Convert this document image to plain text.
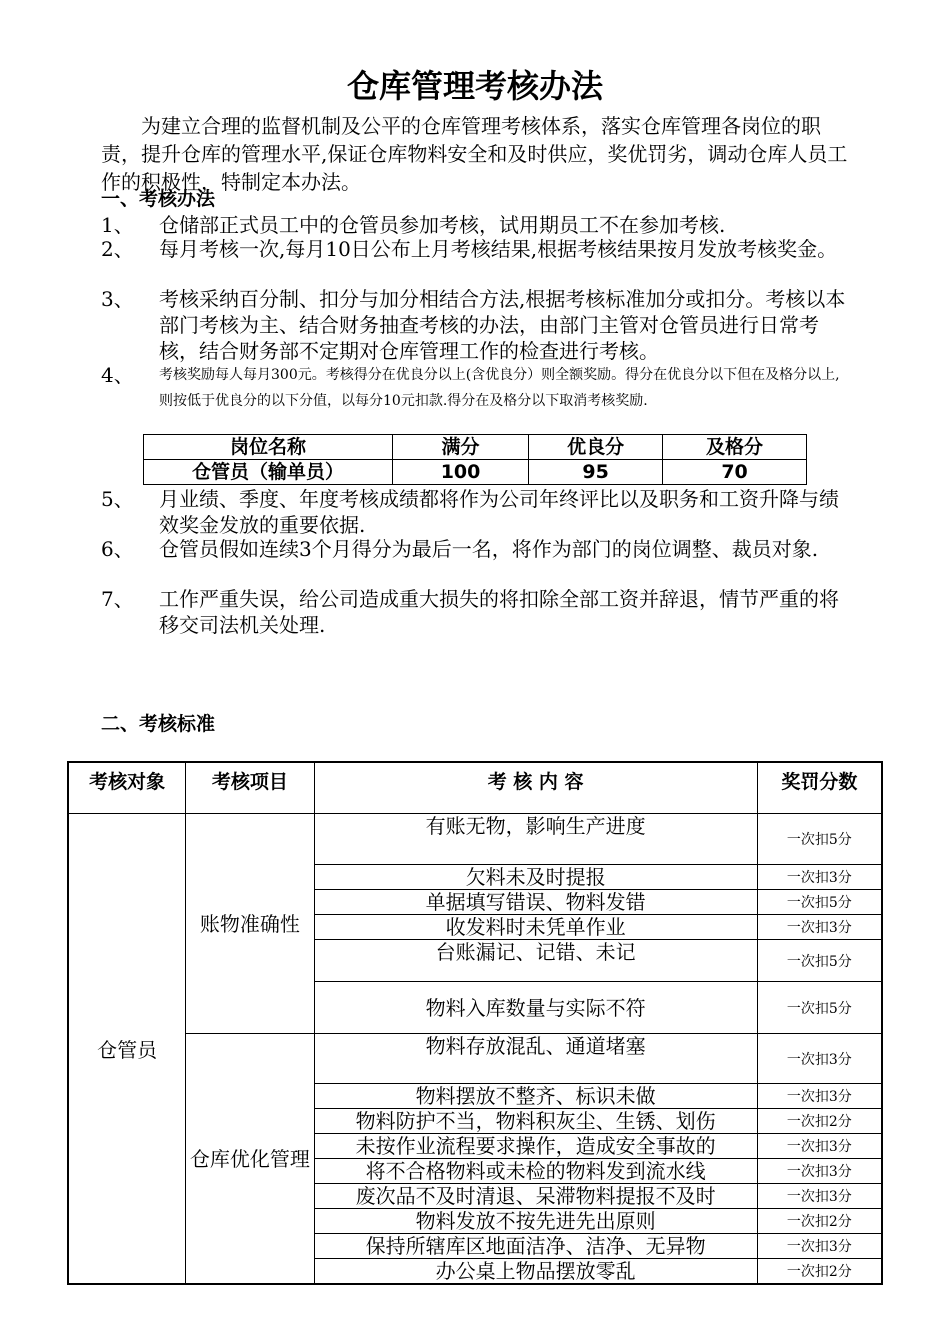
仓库管理考核办法

为建立合理的监督机制及公平的仓库管理考核体系，落实仓库管理各岗位的职责，提升仓库的管理水平,保证仓库物料安全和及时供应，奖优罚劣，调动仓库人员工作的积极性，特制定本办法。

一、考核办法

1、	仓储部正式员工中的仓管员参加考核，试用期员工不在参加考核.
2、	每月考核一次,每月10日公布上月考核结果,根据考核结果按月发放考核奖金。
3、	考核采纳百分制、扣分与加分相结合方法,根据考核标准加分或扣分。考核以本部门考核为主、结合财务抽查考核的办法，由部门主管对仓管员进行日常考核，结合财务部不定期对仓库管理工作的检查进行考核。
4、	考核奖励每人每月300元。考核得分在优良分以上(含优良分）则全额奖励。得分在优良分以下但在及格分以上,则按低于优良分的以下分值，以每分10元扣款.得分在及格分以下取消考核奖励.
岗位名称	满分	优良分	及格分
仓管员（输单员）	100	95	70
5、	月业绩、季度、年度考核成绩都将作为公司年终评比以及职务和工资升降与绩效奖金发放的重要依据.
6、	仓管员假如连续3个月得分为最后一名，将作为部门的岗位调整、裁员对象.
7、	工作严重失误，给公司造成重大损失的将扣除全部工资并辞退，情节严重的将移交司法机关处理.

二、考核标准

考核对象	考核项目	考 核 内 容	奖罚分数
仓管员	账物准确性	有账无物，影响生产进度	一次扣5分
		欠料未及时提报	一次扣3分
		单据填写错误、物料发错	一次扣5分
		收发料时未凭单作业	一次扣3分
		台账漏记、记错、未记	一次扣5分
		物料入库数量与实际不符	一次扣5分
	仓库优化管理	物料存放混乱、通道堵塞	一次扣3分
		物料摆放不整齐、标识未做	一次扣3分
		物料防护不当，物料积灰尘、生锈、划伤	一次扣2分
		未按作业流程要求操作，造成安全事故的	一次扣3分
		将不合格物料或未检的物料发到流水线	一次扣3分
		废次品不及时清退、呆滞物料提报不及时	一次扣3分
		物料发放不按先进先出原则	一次扣2分
		保持所辖库区地面洁净、洁净、无异物	一次扣3分
		办公桌上物品摆放零乱	一次扣2分
